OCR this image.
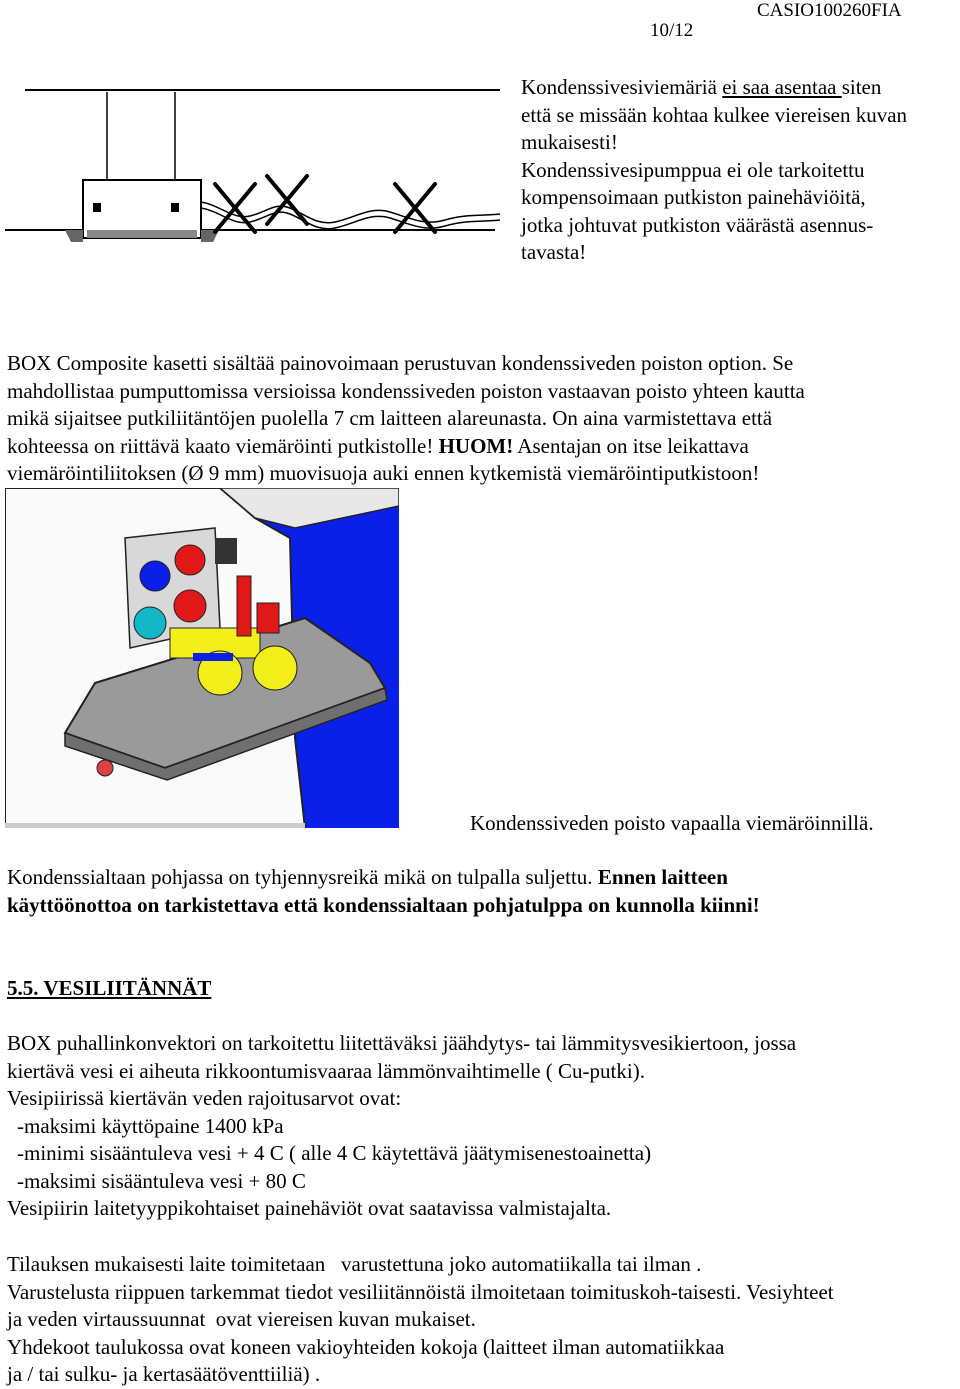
10/12
CASIO100260FIA

Kondenssivesiviemäriä ei saa asentaa siten
että se missään kohtaa kulkee viereisen kuvan
mukaisesti!
Kondenssivesipumppua ei ole tarkoitettu
kompensoimaan putkiston painehäviöitä,
jotka johtuvat putkiston väärästä asennus-
tavasta!

BOX Composite kasetti sisältää painovoimaan perustuvan kondenssiveden poiston option. Se
mahdollistaa pumputtomissa versioissa kondenssiveden poiston vastaavan poisto yhteen kautta
mikä sijaitsee putkiliitäntöjen puolella 7 cm laitteen alareunasta. On aina varmistettava että
kohteessa on riittävä kaato viemäröinti putkistolle! HUOM! Asentajan on itse leikattava
viemäröintiliitoksen (Ø 9 mm) muovisuoja auki ennen kytkemistä viemäröintiputkistoon!

Kondenssiveden poisto vapaalla viemäröinnillä.

Kondenssialtaan pohjassa on tyhjennysreikä mikä on tulpalla suljettu. Ennen laitteen
käyttöönottoa on tarkistettava että kondenssialtaan pohjatulppa on kunnolla kiinni!

5.5. VESILIITÄNNÄT

BOX puhallinkonvektori on tarkoitettu liitettäväksi jäähdytys- tai lämmitysvesikiertoon, jossa
kiertävä vesi ei aiheuta rikkoontumisvaaraa lämmönvaihtimelle ( Cu-putki).
Vesipiirissä kiertävän veden rajoitusarvot ovat:
-maksimi käyttöpaine 1400 kPa
-minimi sisääntuleva vesi + 4 C ( alle 4 C käytettävä jäätymisenestoainetta)
-maksimi sisääntuleva vesi + 80 C
Vesipiirin laitetyyppikohtaiset painehäviöt ovat saatavissa valmistajalta.

Tilauksen mukaisesti laite toimitetaan   varustettuna joko automatiikalla tai ilman .
Varustelusta riippuen tarkemmat tiedot vesiliitännöistä ilmoitetaan toimituskoh-taisesti. Vesiyhteet
ja veden virtaussuunnat  ovat viereisen kuvan mukaiset.
Yhdekoot taulukossa ovat koneen vakioyhteiden kokoja (laitteet ilman automatiikkaa
ja / tai sulku- ja kertasäätöventtiiliä) .
